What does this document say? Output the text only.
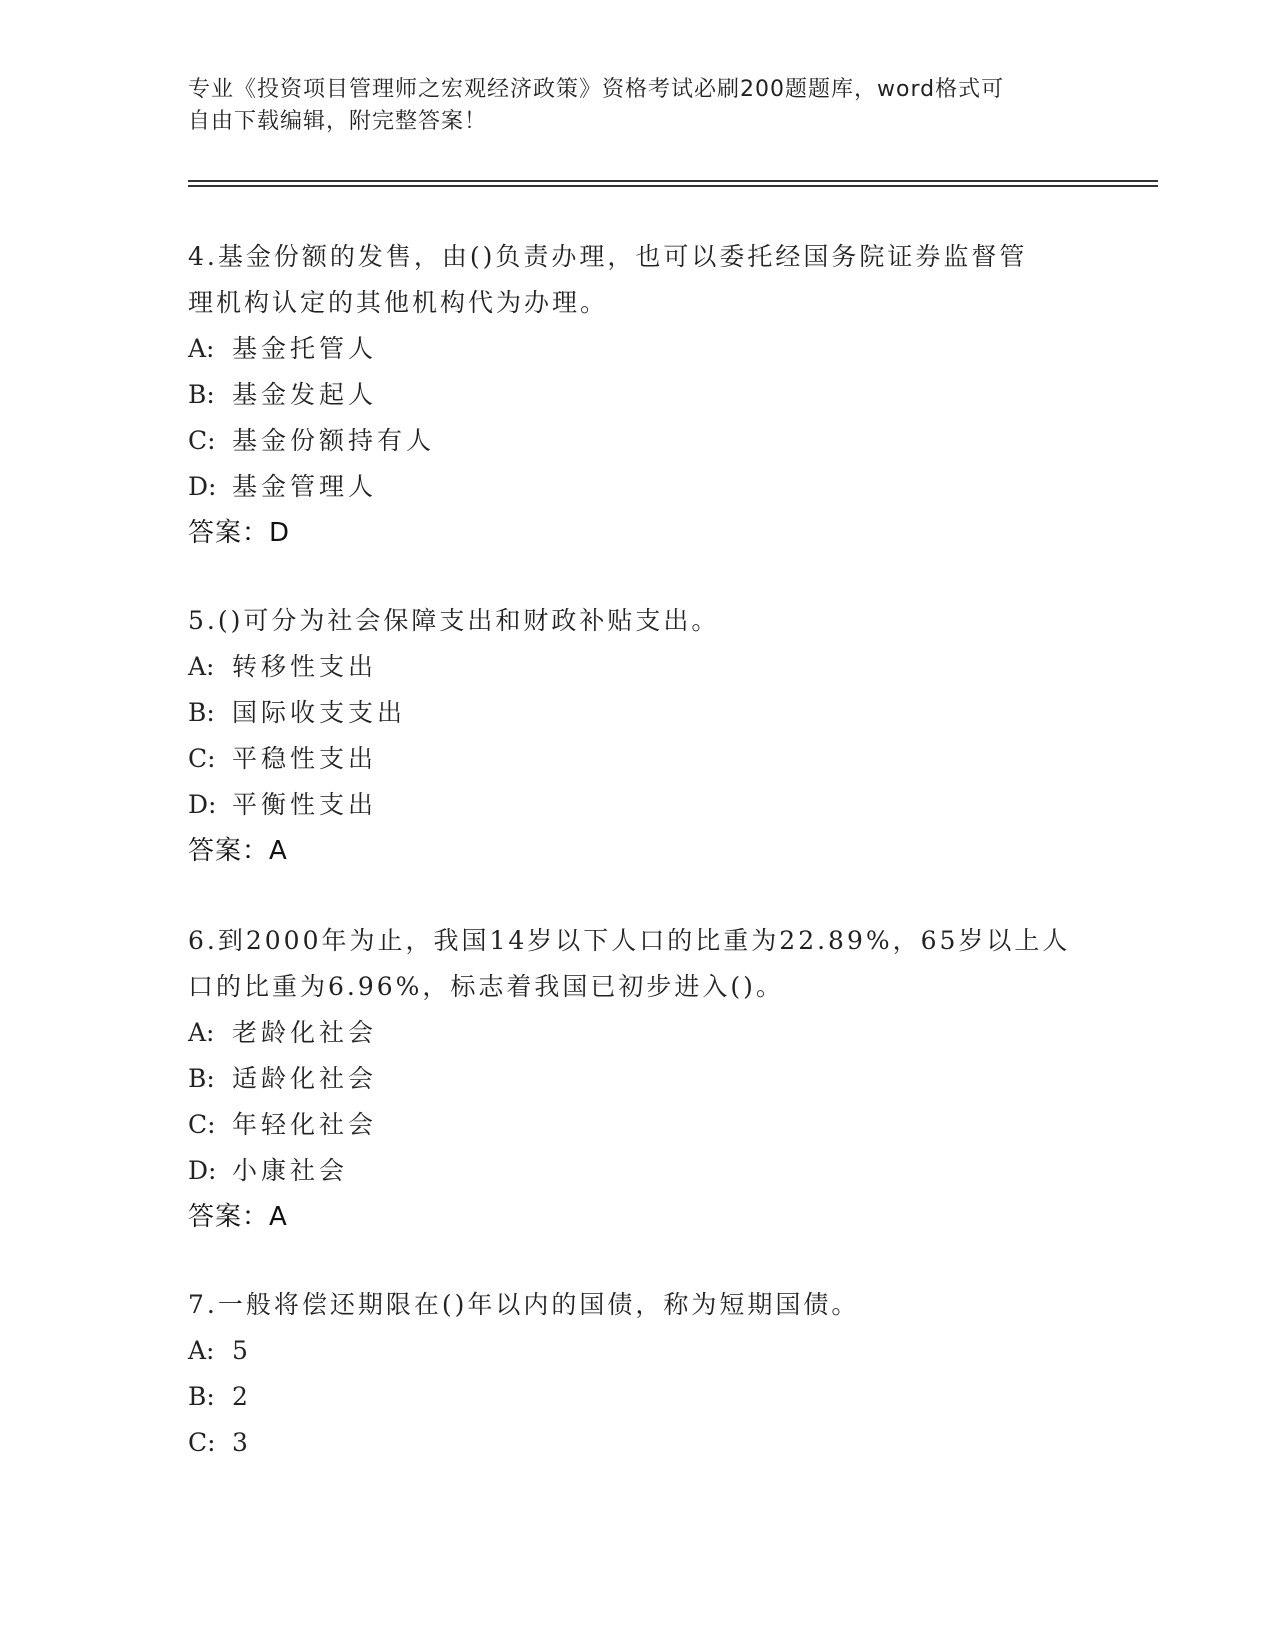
专业《投资项目管理师之宏观经济政策》资格考试必刷200题题库，word格式可
自由下载编辑，附完整答案！

4.基金份额的发售，由()负责办理，也可以委托经国务院证券监督管
理机构认定的其他机构代为办理。

A: 基金托管人

B: 基金发起人

C: 基金份额持有人

D: 基金管理人

答案：D

5.()可分为社会保障支出和财政补贴支出。

A: 转移性支出

B: 国际收支支出

C: 平稳性支出

D: 平衡性支出

答案：A

6.到2000年为止，我国14岁以下人口的比重为22.89%，65岁以上人
口的比重为6.96%，标志着我国已初步进入()。

A: 老龄化社会

B: 适龄化社会

C: 年轻化社会

D: 小康社会

答案：A

7.一般将偿还期限在()年以内的国债，称为短期国债。

A: 5

B: 2

C: 3
